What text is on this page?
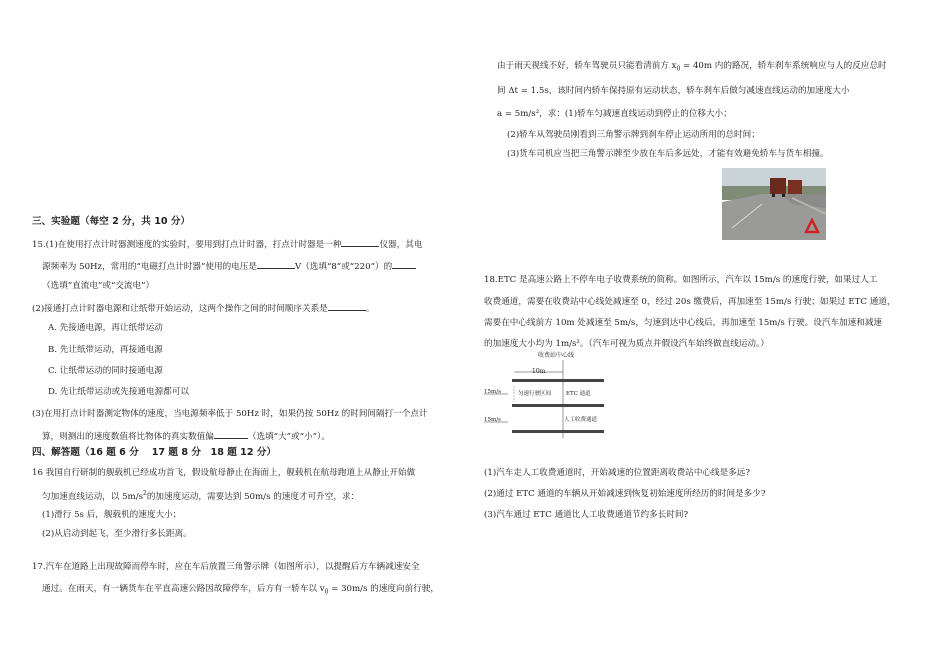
三、实验题（每空 2 分，共 10 分）
15.(1)在使用打点计时器测速度的实验时，要用到打点计时器，打点计时器是一种	仪器，其电
源频率为 50Hz，常用的“电磁打点计时器”使用的电压是	V（选填“8”或“220”）的
（选填“直流电”或“交流电”）
(2)接通打点计时器电源和让纸带开始运动，这两个操作之间的时间顺序关系是	。
A. 先接通电源，再让纸带运动
B. 先让纸带运动，再接通电源
C. 让纸带运动的同时接通电源
D. 先让纸带运动或先接通电源都可以
(3)在用打点计时器测定物体的速度，当电源频率低于 50Hz 时，如果仍按 50Hz 的时间间隔打一个点计
算，则测出的速度数值将比物体的真实数值偏	（选填“大”或“小”）。
四、解答题（16 题 6 分　 17 题 8 分　18 题 12 分）
16 我国自行研制的舰载机已经成功首飞，假设航母静止在海面上，舰载机在航母跑道上从静止开始做
匀加速直线运动，以 $5m/s^2$的加速度运动，需要达到 50m/s 的速度才可升空，求：
(1)滑行 5s 后，舰载机的速度大小；
(2)从启动到起飞，至少滑行多长距离。
17.汽车在道路上出现故障而停车时，应在车后放置三角警示牌（如图所示），以提醒后方车辆减速安全
通过。在雨天，有一辆货车在平直高速公路因故障停车，后方有一轿车以 $v_0 = 30m/s$ 的速度向前行驶，
由于雨天视线不好，轿车驾驶员只能看清前方 $x_0 = 40m$ 内的路况，轿车刹车系统响应与人的反应总时
间 Δt = 1.5s，该时间内轿车保持原有运动状态，轿车刹车后做匀减速直线运动的加速度大小
a = 5m/s²，求：(1)轿车匀减速直线运动到停止的位移大小；
(2)轿车从驾驶员刚看到三角警示牌到刹车停止运动所用的总时间；
(3)货车司机应当把三角警示牌至少放在车后多远处，才能有效避免轿车与货车相撞。
18.ETC 是高速公路上不停车电子收费系统的简称。如图所示，汽车以 15m/s 的速度行驶，如果过人工
收费通道，需要在收费站中心线处减速至 0，经过 20s 缴费后，再加速至 15m/s 行驶；如果过 ETC 通道，
需要在中心线前方 10m 处减速至 5m/s，匀速到达中心线后，再加速至 15m/s 行驶。设汽车加速和减速
的加速度大小均为 1m/s²。（汽车可视为质点并假设汽车始终做直线运动。）
收费站中心线
10m
15m/s
15m/s
匀速行驶区间	ETC 通道
人工收费通道
(1)汽车走人工收费通道时，开始减速的位置距离收费站中心线是多远?
(2)通过 ETC 通道的车辆从开始减速到恢复初始速度所经历的时间是多少?
(3)汽车通过 ETC 通道比人工收费通道节约多长时间?
